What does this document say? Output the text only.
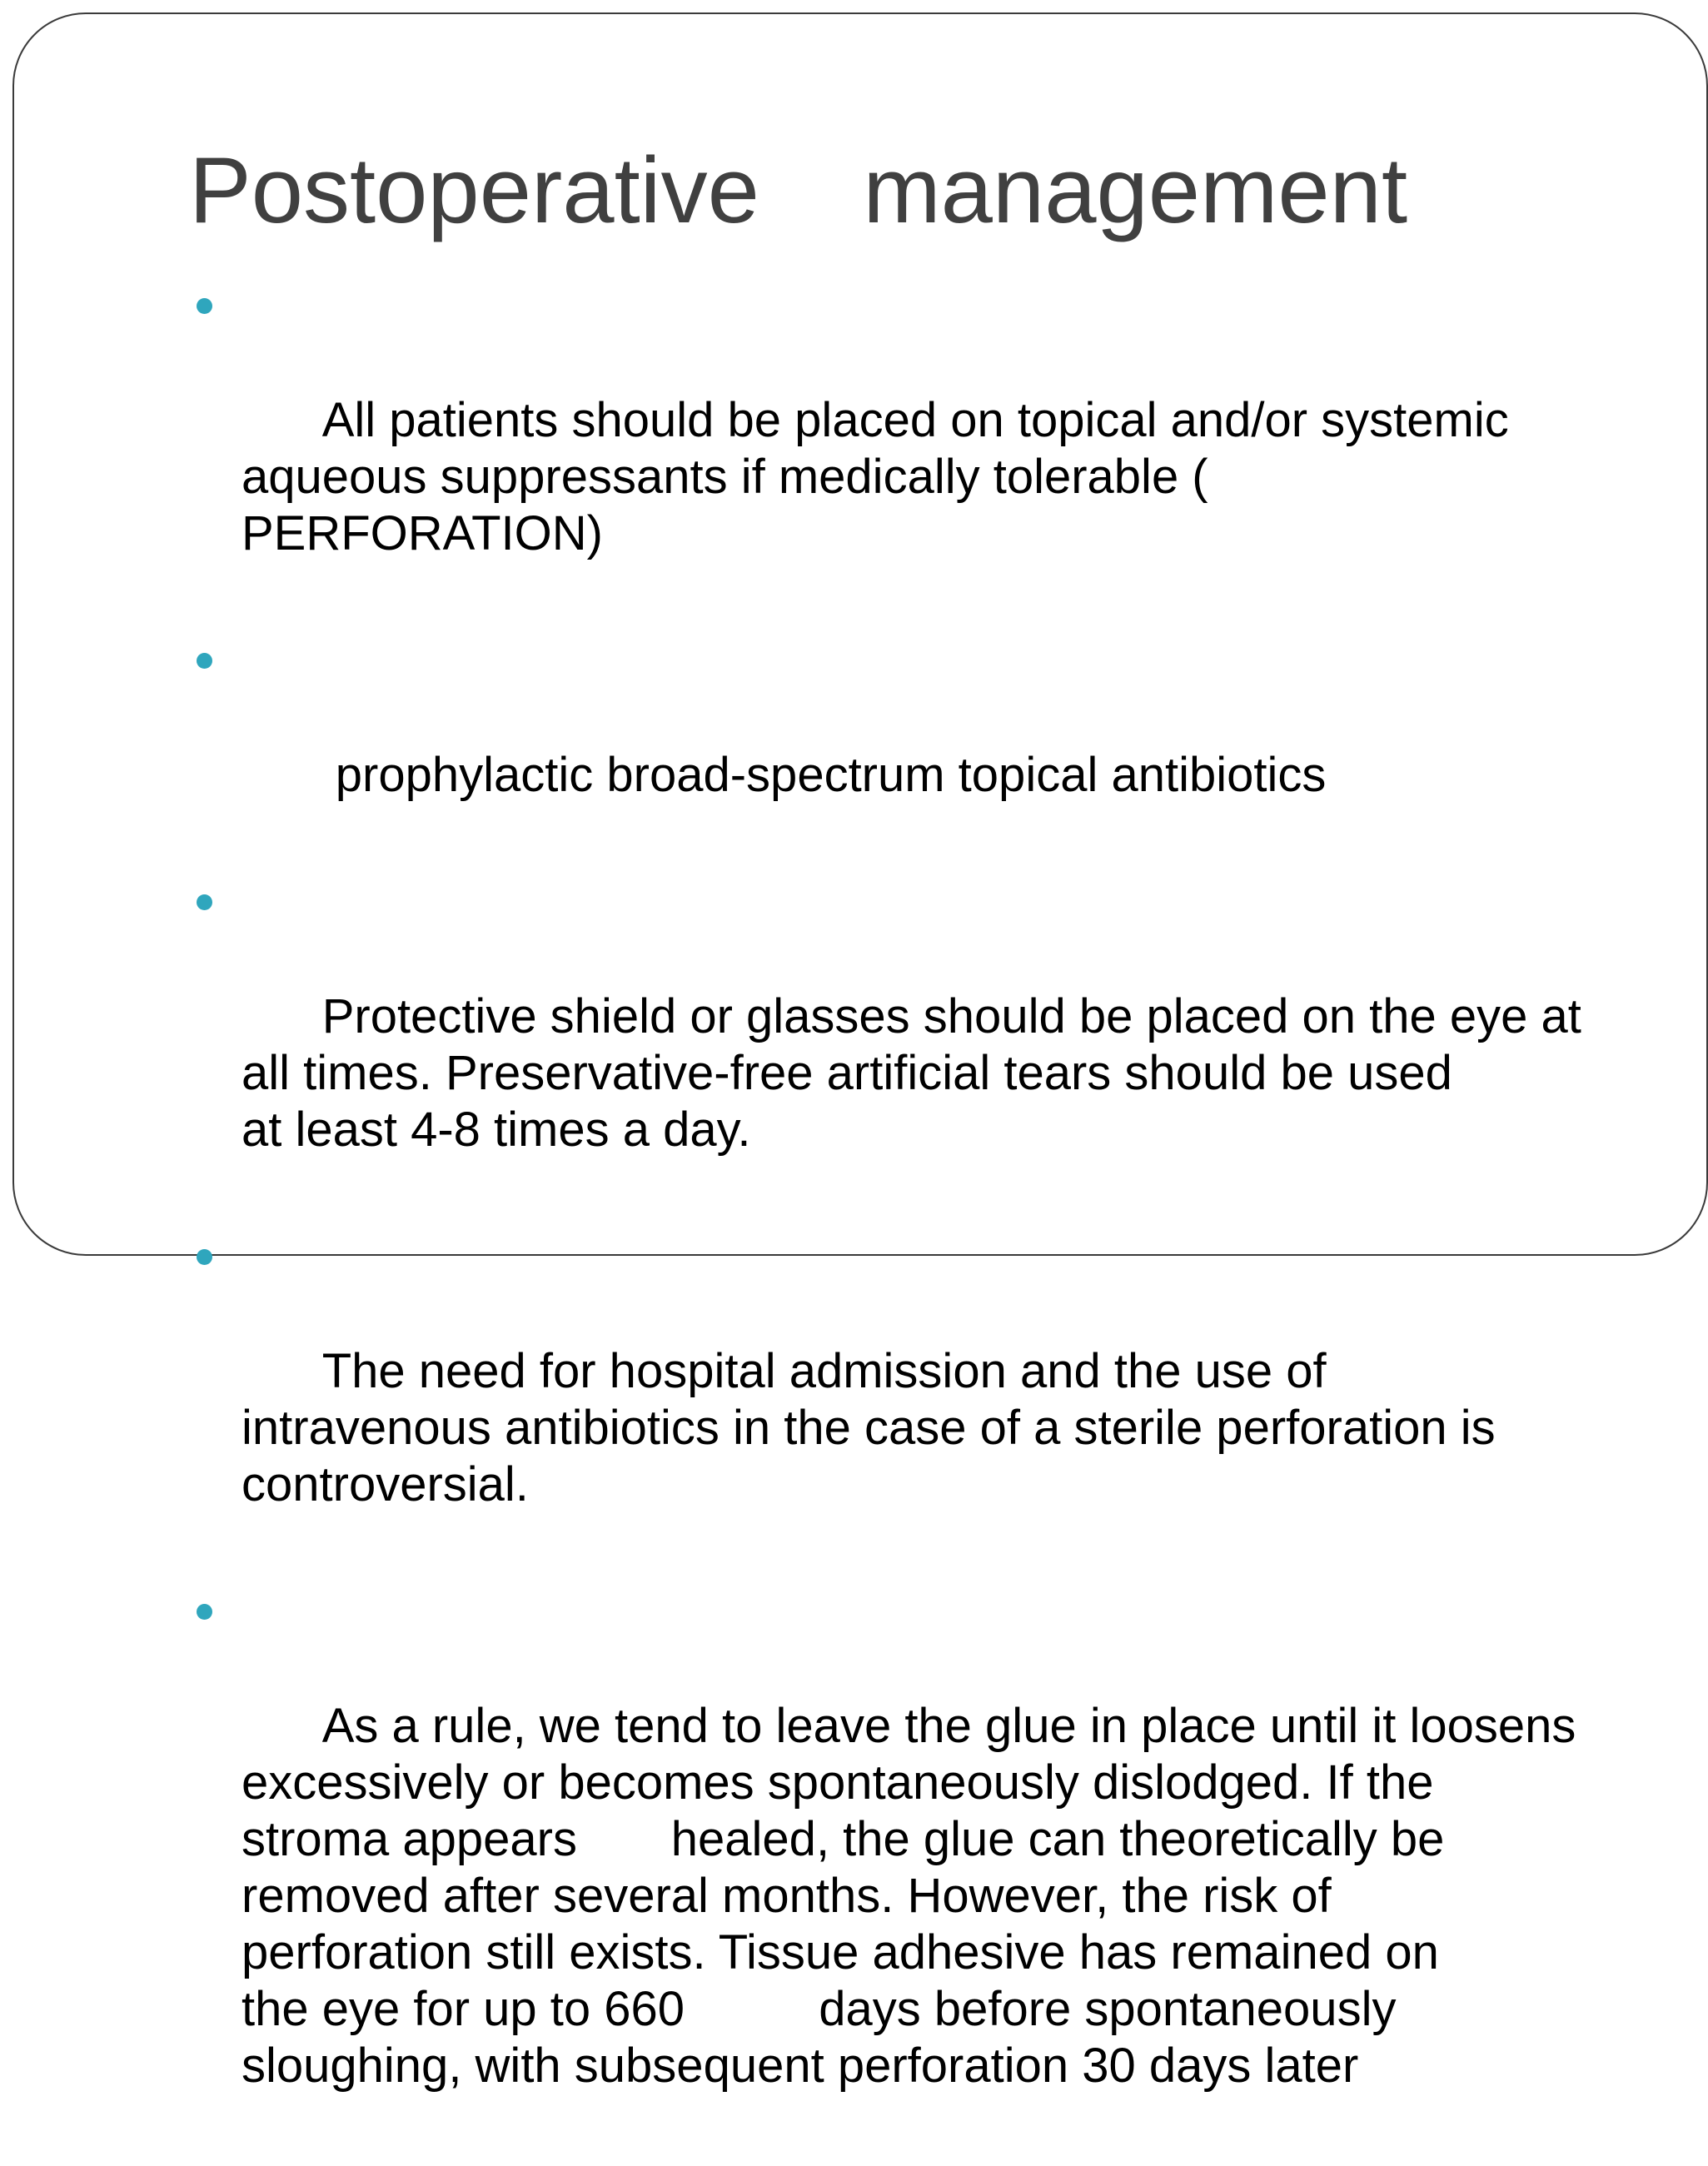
Postoperative    management

All patients should be placed on topical and/or systemic
aqueous suppressants if medically tolerable (
PERFORATION)

prophylactic broad-spectrum topical antibiotics

Protective shield or glasses should be placed on the eye at
all times. Preservative-free artificial tears should be used
at least 4-8 times a day.

The need for hospital admission and the use of
intravenous antibiotics in the case of a sterile perforation is
controversial.

As a rule, we tend to leave the glue in place until it loosens
excessively or becomes spontaneously dislodged. If the
stroma appears       healed, the glue can theoretically be
removed after several months. However, the risk of
perforation still exists. Tissue adhesive has remained on
the eye for up to 660          days before spontaneously
sloughing, with subsequent perforation 30 days later
